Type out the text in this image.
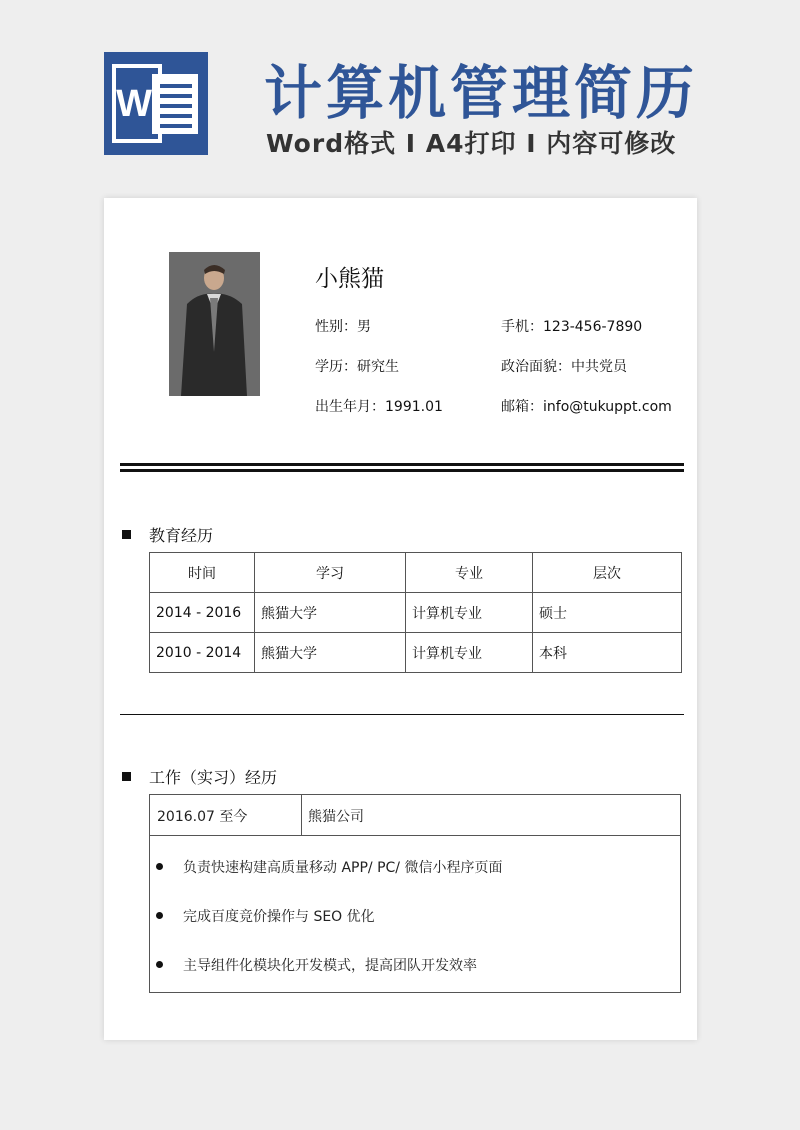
W 计算机管理简历
Word格式 I A4打印 I 内容可修改
小熊猫
性别：男	手机：123-456-7890
学历：研究生	政治面貌：中共党员
出生年月：1991.01	邮箱：info@tukuppt.com
教育经历
时间	学习	专业	层次
2014 - 2016	熊猫大学	计算机专业	硕士
2010 - 2014	熊猫大学	计算机专业	本科
工作（实习）经历
2016.07 至今	熊猫公司
负责快速构建高质量移动 APP/ PC/ 微信小程序页面
完成百度竞价操作与 SEO 优化
主导组件化模块化开发模式，提高团队开发效率
